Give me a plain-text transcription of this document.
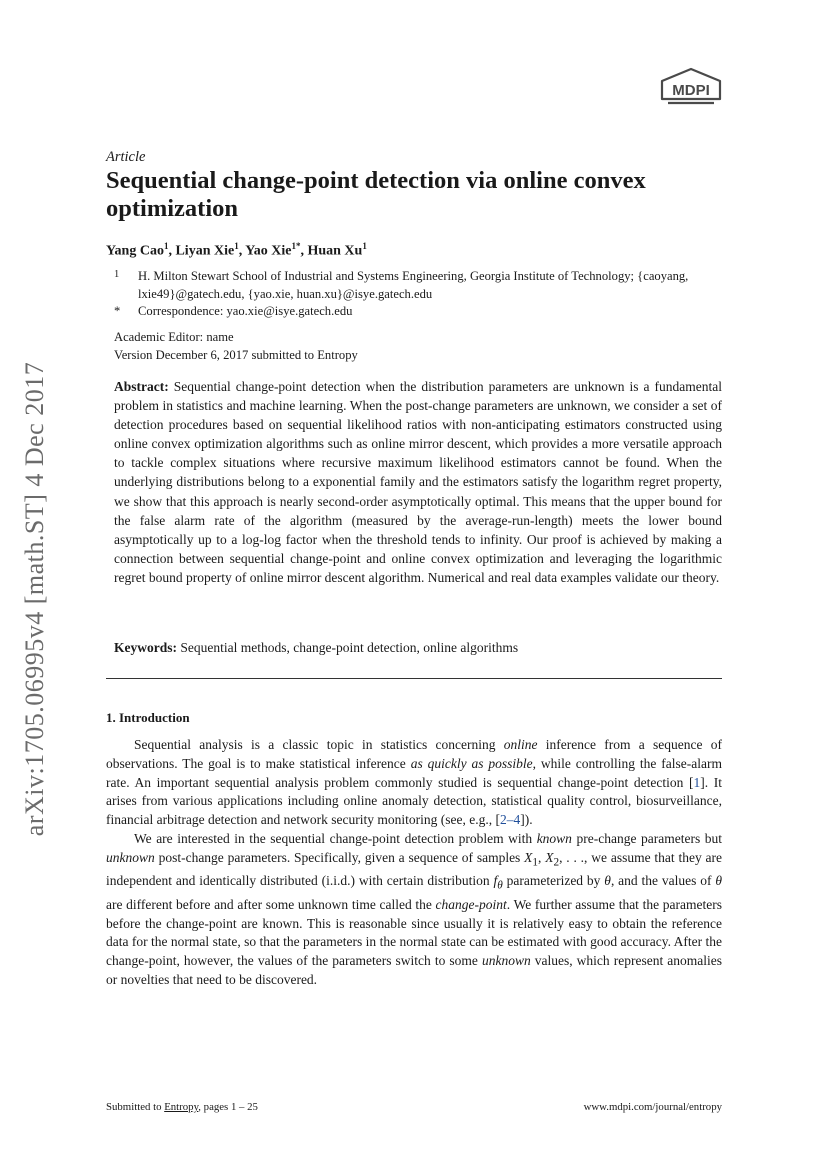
arXiv:1705.06995v4 [math.ST] 4 Dec 2017
MDPI
Article
Sequential change-point detection via online convex optimization
Yang Cao$^1$, Liyan Xie$^1$, Yao Xie$^{1*}$, Huan Xu$^1$
1 H. Milton Stewart School of Industrial and Systems Engineering, Georgia Institute of Technology; {caoyang, lxie49}@gatech.edu, {yao.xie, huan.xu}@isye.gatech.edu
* Correspondence: yao.xie@isye.gatech.edu
Academic Editor: name
Version December 6, 2017 submitted to Entropy
Abstract: Sequential change-point detection when the distribution parameters are unknown is a fundamental problem in statistics and machine learning. When the post-change parameters are unknown, we consider a set of detection procedures based on sequential likelihood ratios with non-anticipating estimators constructed using online convex optimization algorithms such as online mirror descent, which provides a more versatile approach to tackle complex situations where recursive maximum likelihood estimators cannot be found. When the underlying distributions belong to a exponential family and the estimators satisfy the logarithm regret property, we show that this approach is nearly second-order asymptotically optimal. This means that the upper bound for the false alarm rate of the algorithm (measured by the average-run-length) meets the lower bound asymptotically up to a log-log factor when the threshold tends to infinity. Our proof is achieved by making a connection between sequential change-point and online convex optimization and leveraging the logarithmic regret bound property of online mirror descent algorithm. Numerical and real data examples validate our theory.
Keywords: Sequential methods, change-point detection, online algorithms
1. Introduction

Sequential analysis is a classic topic in statistics concerning online inference from a sequence of observations. The goal is to make statistical inference as quickly as possible, while controlling the false-alarm rate. An important sequential analysis problem commonly studied is sequential change-point detection [1]. It arises from various applications including online anomaly detection, statistical quality control, biosurveillance, financial arbitrage detection and network security monitoring (see, e.g., [2–4]).

We are interested in the sequential change-point detection problem with known pre-change parameters but unknown post-change parameters. Specifically, given a sequence of samples $X_1$, $X_2$, . . ., we assume that they are independent and identically distributed (i.i.d.) with certain distribution $f_\theta$ parameterized by θ, and the values of θ are different before and after some unknown time called the change-point. We further assume that the parameters before the change-point are known. This is reasonable since usually it is relatively easy to obtain the reference data for the normal state, so that the parameters in the normal state can be estimated with good accuracy. After the change-point, however, the values of the parameters switch to some unknown values, which represent anomalies or novelties that need to be discovered.

Submitted to Entropy, pages 1 – 25	www.mdpi.com/journal/entropy
